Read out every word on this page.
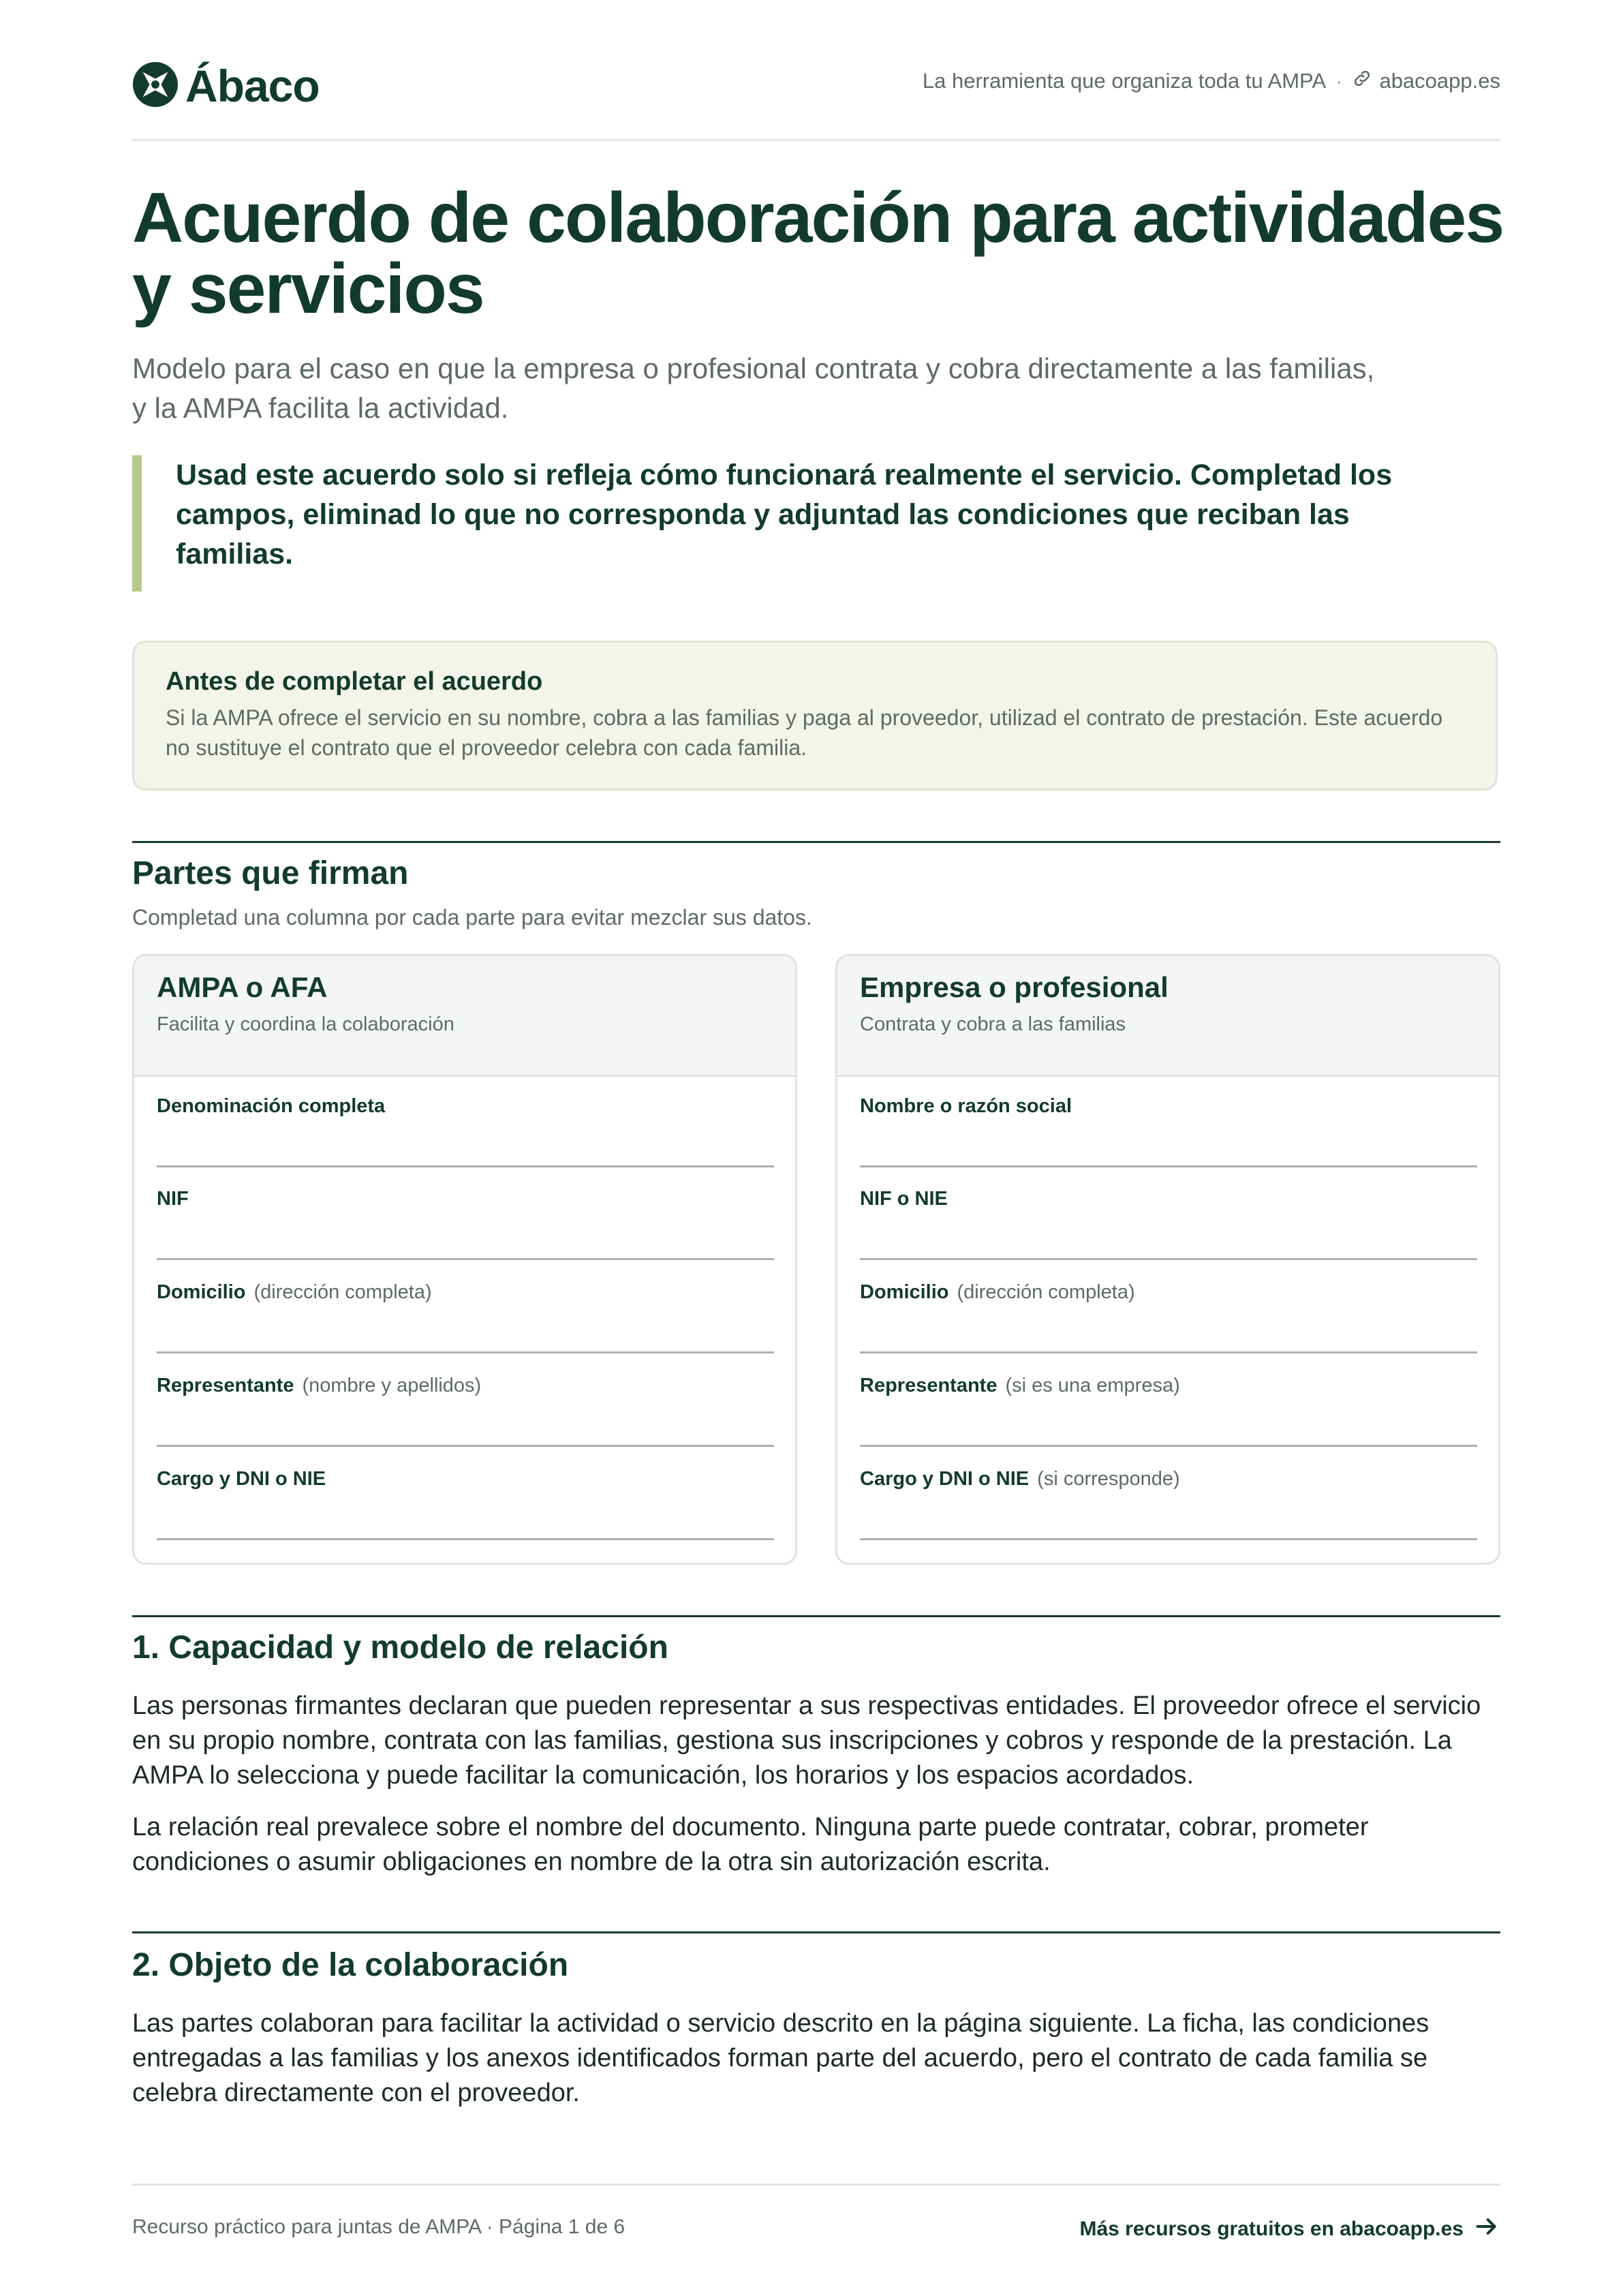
Ábaco	La herramienta que organiza toda tu AMPA · abacoapp.es
Acuerdo de colaboración para actividades y servicios

Modelo para el caso en que la empresa o profesional contrata y cobra directamente a las familias,
y la AMPA facilita la actividad.

Usad este acuerdo solo si refleja cómo funcionará realmente el servicio. Completad los campos, eliminad lo que no corresponda y adjuntad las condiciones que reciban las familias.

Antes de completar el acuerdo

Si la AMPA ofrece el servicio en su nombre, cobra a las familias y paga al proveedor, utilizad el contrato de prestación. Este acuerdo no sustituye el contrato que el proveedor celebra con cada familia.

Partes que firman

Completad una columna por cada parte para evitar mezclar sus datos.

AMPA o AFA
Facilita y coordina la colaboración
Denominación completa
NIF
Domicilio (dirección completa)
Representante (nombre y apellidos)
Cargo y DNI o NIE
Empresa o profesional
Contrata y cobra a las familias
Nombre o razón social
NIF o NIE
Domicilio (dirección completa)
Representante (si es una empresa)
Cargo y DNI o NIE (si corresponde)
1. Capacidad y modelo de relación

Las personas firmantes declaran que pueden representar a sus respectivas entidades. El proveedor ofrece el servicio en su propio nombre, contrata con las familias, gestiona sus inscripciones y cobros y responde de la prestación. La AMPA lo selecciona y puede facilitar la comunicación, los horarios y los espacios acordados.

La relación real prevalece sobre el nombre del documento. Ninguna parte puede contratar, cobrar, prometer condiciones o asumir obligaciones en nombre de la otra sin autorización escrita.

2. Objeto de la colaboración

Las partes colaboran para facilitar la actividad o servicio descrito en la página siguiente. La ficha, las condiciones entregadas a las familias y los anexos identificados forman parte del acuerdo, pero el contrato de cada familia se celebra directamente con el proveedor.

Recurso práctico para juntas de AMPA · Página 1 de 6	Más recursos gratuitos en abacoapp.es
